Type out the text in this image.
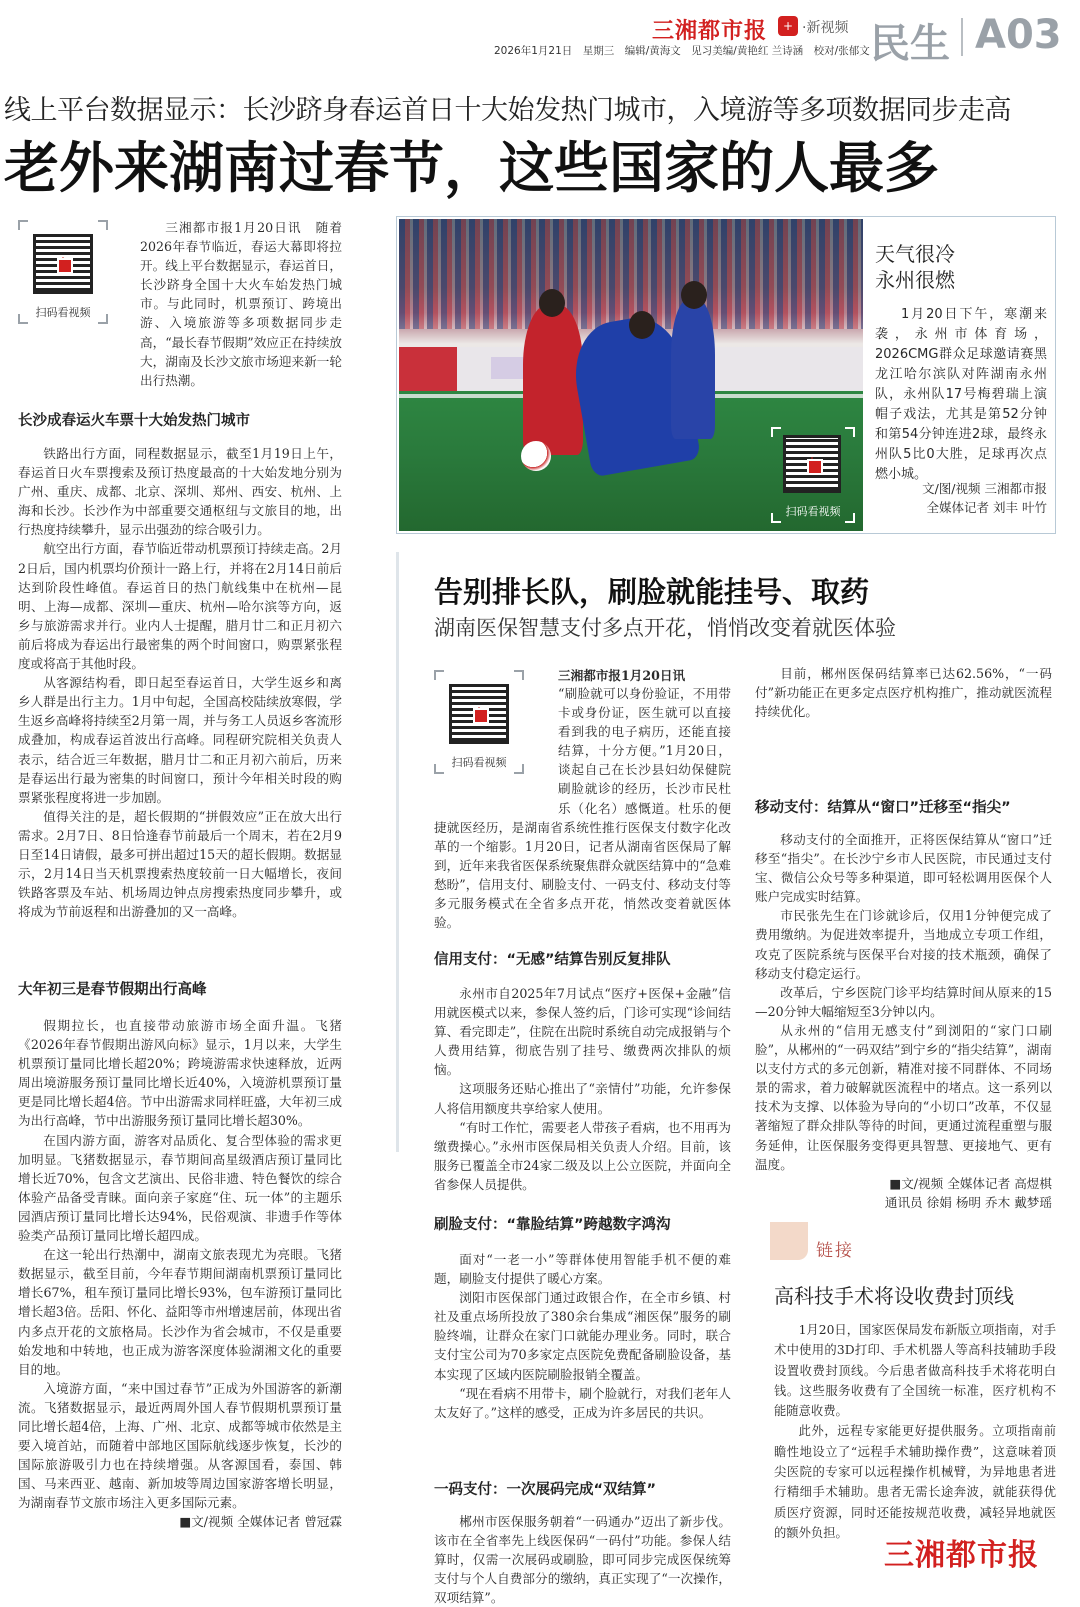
三湘都市报	+ ·新视频
2026年1月21日　星期三　编辑/黄海文　见习美编/黄艳红 兰诗涵　校对/张郁文 民生 A03
线上平台数据显示：长沙跻身春运首日十大始发热门城市，入境游等多项数据同步走高
老外来湖南过春节，这些国家的人最多
扫码看视频
三湘都市报1月20日讯　随着2026年春节临近，春运大幕即将拉开。线上平台数据显示，春运首日，长沙跻身全国十大火车始发热门城市。与此同时，机票预订、跨境出游、入境旅游等多项数据同步走高，“最长春节假期”效应正在持续放大，湖南及长沙文旅市场迎来新一轮出行热潮。
长沙成春运火车票十大始发热门城市

铁路出行方面，同程数据显示，截至1月19日上午，春运首日火车票搜索及预订热度最高的十大始发地分别为广州、重庆、成都、北京、深圳、郑州、西安、杭州、上海和长沙。长沙作为中部重要交通枢纽与文旅目的地，出行热度持续攀升，显示出强劲的综合吸引力。

航空出行方面，春节临近带动机票预订持续走高。2月2日后，国内机票均价预计一路上行，并将在2月14日前后达到阶段性峰值。春运首日的热门航线集中在杭州—昆明、上海—成都、深圳—重庆、杭州—哈尔滨等方向，返乡与旅游需求并行。业内人士提醒，腊月廿二和正月初六前后将成为春运出行最密集的两个时间窗口，购票紧张程度或将高于其他时段。

从客源结构看，即日起至春运首日，大学生返乡和离乡人群是出行主力。1月中旬起，全国高校陆续放寒假，学生返乡高峰将持续至2月第一周，并与务工人员返乡客流形成叠加，构成春运首波出行高峰。同程研究院相关负责人表示，结合近三年数据，腊月廿二和正月初六前后，历来是春运出行最为密集的时间窗口，预计今年相关时段的购票紧张程度将进一步加剧。

值得关注的是，超长假期的“拼假效应”正在放大出行需求。2月7日、8日恰逢春节前最后一个周末，若在2月9日至14日请假，最多可拼出超过15天的超长假期。数据显示，2月14日当天机票搜索热度较前一日大幅增长，夜间铁路客票及车站、机场周边钟点房搜索热度同步攀升，或将成为节前返程和出游叠加的又一高峰。

大年初三是春节假期出行高峰

假期拉长，也直接带动旅游市场全面升温。飞猪《2026年春节假期出游风向标》显示，1月以来，大学生机票预订量同比增长超20%；跨境游需求快速释放，近两周出境游服务预订量同比增长近40%，入境游机票预订量更是同比增长超4倍。节中出游需求同样旺盛，大年初三成为出行高峰，节中出游服务预订量同比增长超30%。

在国内游方面，游客对品质化、复合型体验的需求更加明显。飞猪数据显示，春节期间高星级酒店预订量同比增长近70%，包含文艺演出、民俗非遗、特色餐饮的综合体验产品备受青睐。面向亲子家庭“住、玩一体”的主题乐园酒店预订量同比增长达94%，民俗观演、非遗手作等体验类产品预订量同比增长超四成。

在这一轮出行热潮中，湖南文旅表现尤为亮眼。飞猪数据显示，截至目前，今年春节期间湖南机票预订量同比增长67%，租车预订量同比增长93%，包车游预订量同比增长超3倍。岳阳、怀化、益阳等市州增速居前，体现出省内多点开花的文旅格局。长沙作为省会城市，不仅是重要始发地和中转地，也正成为游客深度体验湖湘文化的重要目的地。

入境游方面，“来中国过春节”正成为外国游客的新潮流。飞猪数据显示，最近两周外国人春节假期机票预订量同比增长超4倍，上海、广州、北京、成都等城市依然是主要入境首站，而随着中部地区国际航线逐步恢复，长沙的国际旅游吸引力也在持续增强。从客源国看，泰国、韩国、马来西亚、越南、新加坡等周边国家游客增长明显，为湖南春节文旅市场注入更多国际元素。

■文/视频 全媒体记者 曾冠霖

扫码看视频
天气很冷
永州很燃
1月20日下午，寒潮来袭，永州市体育场，2026CMG群众足球邀请赛黑龙江哈尔滨队对阵湖南永州队，永州队17号梅碧瑞上演帽子戏法，尤其是第52分钟和第54分钟连进2球，最终永州队5比0大胜，足球再次点燃小城。
文/图/视频 三湘都市报
全媒体记者 刘丰 叶竹
告别排长队，刷脸就能挂号、取药
湖南医保智慧支付多点开花，悄悄改变着就医体验
扫码看视频
三湘都市报1月20日讯
“刷脸就可以身份验证，不用带卡或身份证，医生就可以直接看到我的电子病历，还能直接结算，十分方便。”1月20日，谈起自己在长沙县妇幼保健院刷脸就诊的经历，长沙市民杜乐（化名）感慨道。杜乐的便捷就医经历，是湖南省系统性推行医保支付数字化改革的一个缩影。1月20日，记者从湖南省医保局了解到，近年来我省医保系统聚焦群众就医结算中的“急难愁盼”，信用支付、刷脸支付、一码支付、移动支付等多元服务模式在全省多点开花，悄然改变着就医体验。
信用支付：“无感”结算告别反复排队

永州市自2025年7月试点“医疗+医保+金融”信用就医模式以来，参保人签约后，门诊可实现“诊间结算、看完即走”，住院在出院时系统自动完成报销与个人费用结算，彻底告别了挂号、缴费两次排队的烦恼。

这项服务还贴心推出了“亲情付”功能，允许参保人将信用额度共享给家人使用。

“有时工作忙，需要老人带孩子看病，也不用再为缴费操心。”永州市医保局相关负责人介绍。目前，该服务已覆盖全市24家二级及以上公立医院，并面向全省参保人员提供。

刷脸支付：“靠脸结算”跨越数字鸿沟

面对“一老一小”等群体使用智能手机不便的难题，刷脸支付提供了暖心方案。

浏阳市医保部门通过政银合作，在全市乡镇、村社及重点场所投放了380余台集成“湘医保”服务的刷脸终端，让群众在家门口就能办理业务。同时，联合支付宝公司为70多家定点医院免费配备刷脸设备，基本实现了区域内医院刷脸报销全覆盖。

“现在看病不用带卡，刷个脸就行，对我们老年人太友好了。”这样的感受，正成为许多居民的共识。

一码支付：一次展码完成“双结算”

郴州市医保服务朝着“一码通办”迈出了新步伐。该市在全省率先上线医保码“一码付”功能。参保人结算时，仅需一次展码或刷脸，即可同步完成医保统筹支付与个人自费部分的缴纳，真正实现了“一次操作，双项结算”。

目前，郴州医保码结算率已达62.56%，“一码付”新功能正在更多定点医疗机构推广，推动就医流程持续优化。

移动支付：结算从“窗口”迁移至“指尖”

移动支付的全面推开，正将医保结算从“窗口”迁移至“指尖”。在长沙宁乡市人民医院，市民通过支付宝、微信公众号等多种渠道，即可轻松调用医保个人账户完成实时结算。

市民张先生在门诊就诊后，仅用1分钟便完成了费用缴纳。为促进效率提升，当地成立专项工作组，攻克了医院系统与医保平台对接的技术瓶颈，确保了移动支付稳定运行。

改革后，宁乡医院门诊平均结算时间从原来的15—20分钟大幅缩短至3分钟以内。

从永州的“信用无感支付”到浏阳的“家门口刷脸”，从郴州的“一码双结”到宁乡的“指尖结算”，湖南以支付方式的多元创新，精准对接不同群体、不同场景的需求，着力破解就医流程中的堵点。这一系列以技术为支撑、以体验为导向的“小切口”改革，不仅显著缩短了群众排队等待的时间，更通过流程重塑与服务延伸，让医保服务变得更具智慧、更接地气、更有温度。

■文/视频 全媒体记者 高煜棋

通讯员 徐娟 杨明 乔木 戴梦瑶

链接
高科技手术将设收费封顶线

1月20日，国家医保局发布新版立项指南，对手术中使用的3D打印、手术机器人等高科技辅助手段设置收费封顶线。今后患者做高科技手术将花明白钱。这些服务收费有了全国统一标准，医疗机构不能随意收费。

此外，远程专家能更好提供服务。立项指南前瞻性地设立了“远程手术辅助操作费”，这意味着顶尖医院的专家可以远程操作机械臂，为异地患者进行精细手术辅助。患者无需长途奔波，就能获得优质医疗资源，同时还能按规范收费，减轻异地就医的额外负担。

三湘都市报
